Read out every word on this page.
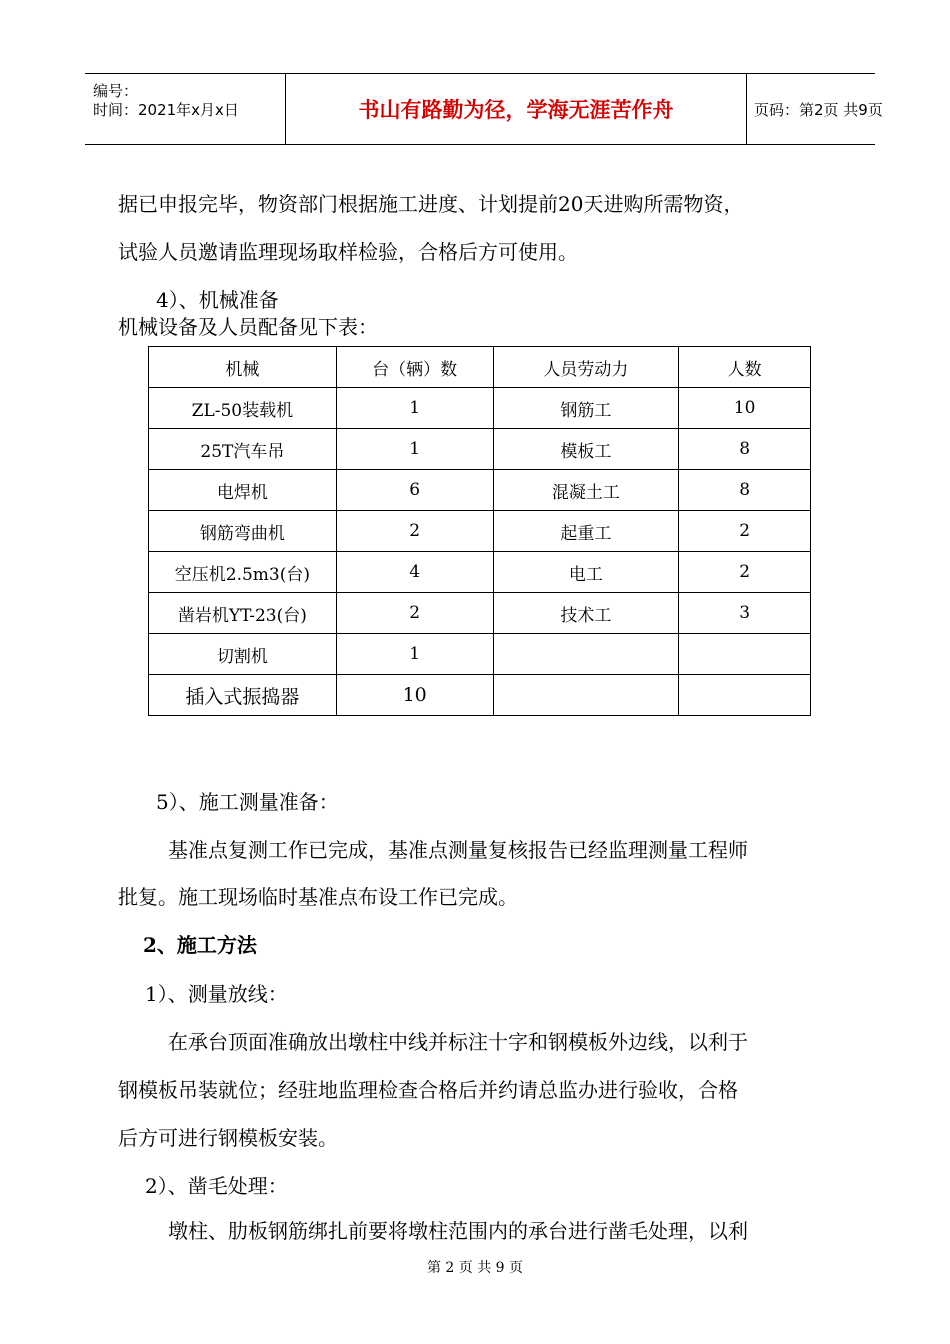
编号：
时间：2021年x月x日	书山有路勤为径，学海无涯苦作舟	页码：第2页 共9页
据已申报完毕，物资部门根据施工进度、计划提前20天进购所需物资，
试验人员邀请监理现场取样检验，合格后方可使用。
4）、机械准备
机械设备及人员配备见下表：
机械	台（辆）数	人员劳动力	人数
ZL-50装载机	1	钢筋工	10
25T汽车吊	1	模板工	8
电焊机	6	混凝土工	8
钢筋弯曲机	2	起重工	2
空压机2.5m3(台)	4	电工	2
凿岩机YT-23(台)	2	技术工	3
切割机	1		
插入式振捣器	10		
5）、施工测量准备：
基准点复测工作已完成，基准点测量复核报告已经监理测量工程师
批复。施工现场临时基准点布设工作已完成。
2、施工方法
1）、测量放线：
在承台顶面准确放出墩柱中线并标注十字和钢模板外边线，以利于
钢模板吊装就位；经驻地监理检查合格后并约请总监办进行验收，合格
后方可进行钢模板安装。
2）、凿毛处理：
墩柱、肋板钢筋绑扎前要将墩柱范围内的承台进行凿毛处理，以利
第 2 页 共 9 页
